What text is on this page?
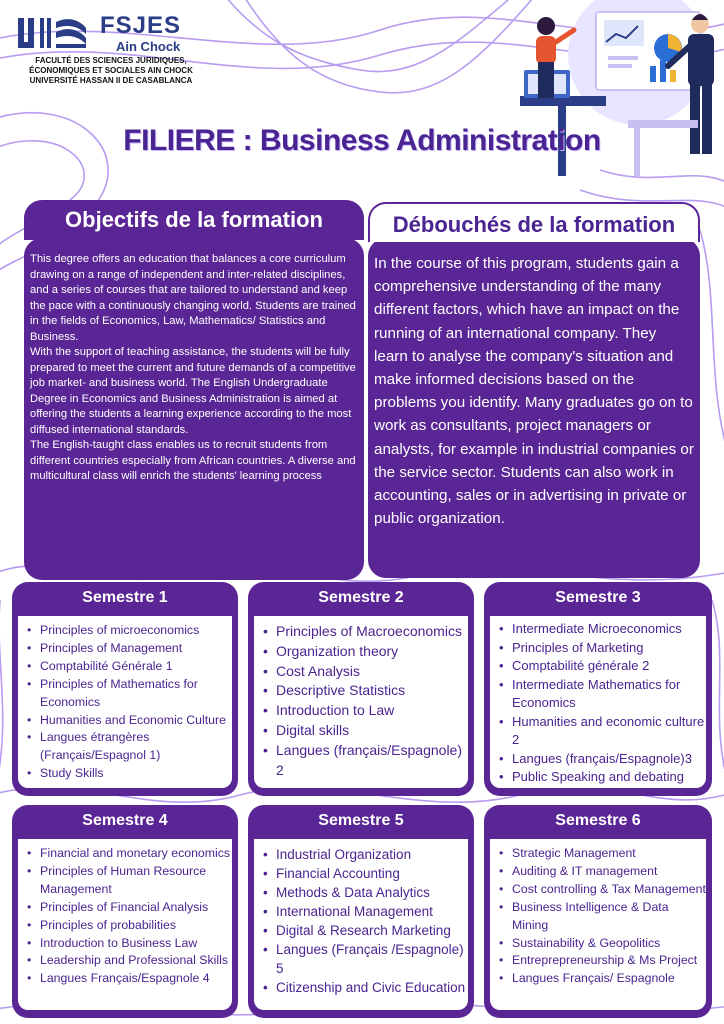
FSJES
Ain Chock
FACULTÉ DES SCIENCES JURIDIQUES,
ÉCONOMIQUES ET SOCIALES AIN CHOCK
UNIVERSITÉ HASSAN II DE CASABLANCA
FILIERE : Business Administration
Objectifs de la formation

This degree offers an education that balances a core curriculum drawing on a range of independent and inter-related disciplines, and a series of courses that are tailored to understand and keep the pace with a continuously changing world. Students are trained in the fields of Economics, Law, Mathematics/ Statistics and Business.

With the support of teaching assistance, the students will be fully prepared to meet the current and future demands of a competitive job market- and business world. The English Undergraduate Degree in Economics and Business Administration is aimed at offering the students a learning experience according to the most diffused international standards.

The English-taught class enables us to recruit students from different countries especially from African countries. A diverse and multicultural class will enrich the students' learning process

Débouchés de la formation
In the course of this program, students gain a comprehensive understanding of the many different factors, which have an impact on the running of an international company. They learn to analyse the company's situation and make informed decisions based on the problems you identify. Many graduates go on to work as consultants, project managers or analysts, for example in industrial companies or the service sector. Students can also work in accounting, sales or in advertising in private or public organization.
Semestre 1
• Principles of microeconomics
• Principles of Management
• Comptabilité Générale 1
• Principles of Mathematics for Economics
• Humanities and Economic Culture
• Langues étrangères (Français/Espagnol 1)
• Study Skills
Semestre 2
• Principles of Macroeconomics
• Organization theory
• Cost Analysis
• Descriptive Statistics
• Introduction to Law
• Digital skills
• Langues (français/Espagnole) 2
Semestre 3
• Intermediate Microeconomics
• Principles of Marketing
• Comptabilité générale 2
• Intermediate Mathematics for Economics
• Humanities and economic culture 2
• Langues (français/Espagnole)3
• Public Speaking and debating
Semestre 4
• Financial and monetary economics
• Principles of Human Resource Management
• Principles of Financial Analysis
• Principles of probabilities
• Introduction to Business Law
• Leadership and Professional Skills
• Langues Français/Espagnole 4
Semestre 5
• Industrial Organization
• Financial Accounting
• Methods & Data Analytics
• International Management
• Digital & Research Marketing
• Langues (Français /Espagnole) 5
• Citizenship and Civic Education
Semestre 6
• Strategic Management
• Auditing & IT management
• Cost controlling & Tax Management
• Business Intelligence & Data Mining
• Sustainability & Geopolitics
• Entreprepreneurship & Ms Project
• Langues Français/ Espagnole
